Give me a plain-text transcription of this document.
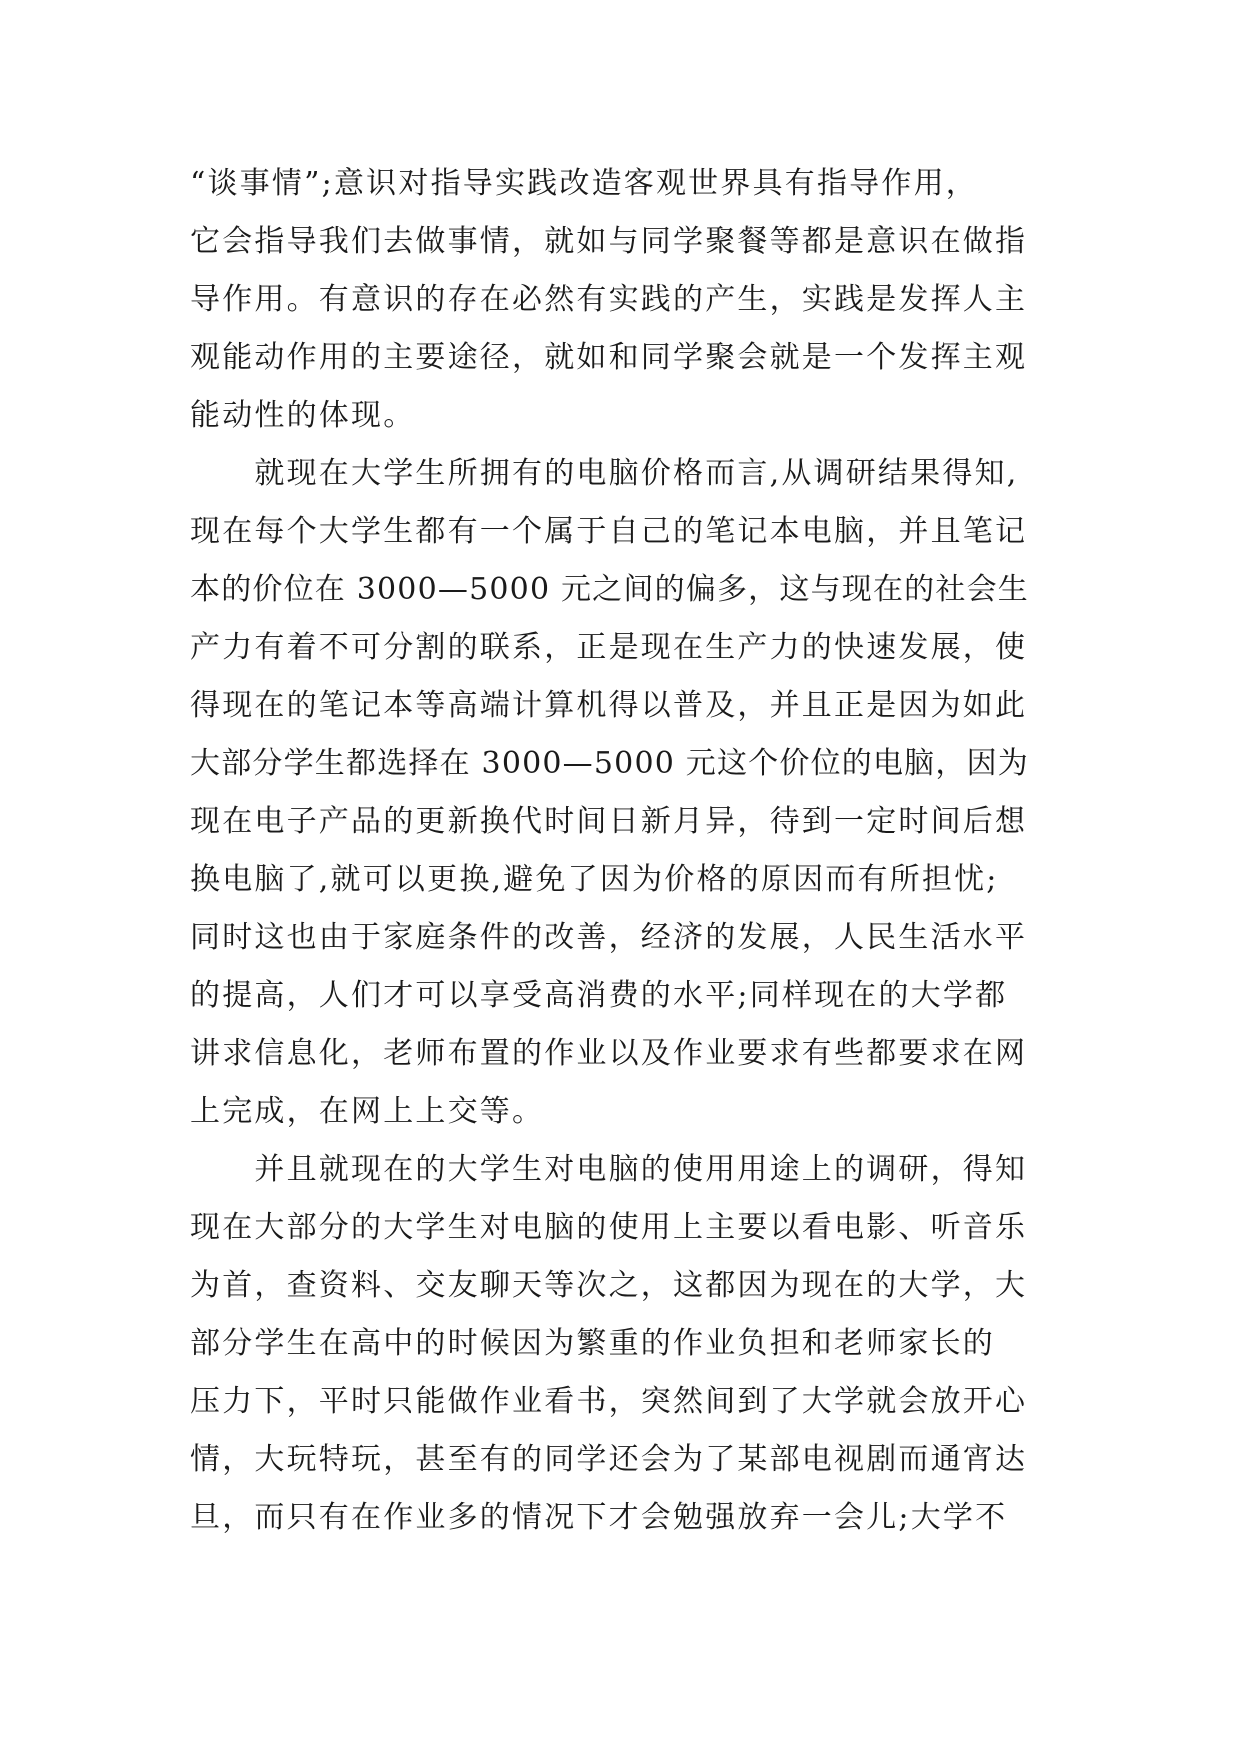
“谈事情”;意识对指导实践改造客观世界具有指导作用，
它会指导我们去做事情，就如与同学聚餐等都是意识在做指
导作用。有意识的存在必然有实践的产生，实践是发挥人主
观能动作用的主要途径，就如和同学聚会就是一个发挥主观
能动性的体现。
　　就现在大学生所拥有的电脑价格而言,从调研结果得知,
现在每个大学生都有一个属于自己的笔记本电脑，并且笔记
本的价位在 3000—5000 元之间的偏多，这与现在的社会生
产力有着不可分割的联系，正是现在生产力的快速发展，使
得现在的笔记本等高端计算机得以普及，并且正是因为如此
大部分学生都选择在 3000—5000 元这个价位的电脑，因为
现在电子产品的更新换代时间日新月异，待到一定时间后想
换电脑了,就可以更换,避免了因为价格的原因而有所担忧;
同时这也由于家庭条件的改善，经济的发展，人民生活水平
的提高，人们才可以享受高消费的水平;同样现在的大学都
讲求信息化，老师布置的作业以及作业要求有些都要求在网
上完成，在网上上交等。
　　并且就现在的大学生对电脑的使用用途上的调研，得知
现在大部分的大学生对电脑的使用上主要以看电影、听音乐
为首，查资料、交友聊天等次之，这都因为现在的大学，大
部分学生在高中的时候因为繁重的作业负担和老师家长的
压力下，平时只能做作业看书，突然间到了大学就会放开心
情，大玩特玩，甚至有的同学还会为了某部电视剧而通宵达
旦，而只有在作业多的情况下才会勉强放弃一会儿;大学不
